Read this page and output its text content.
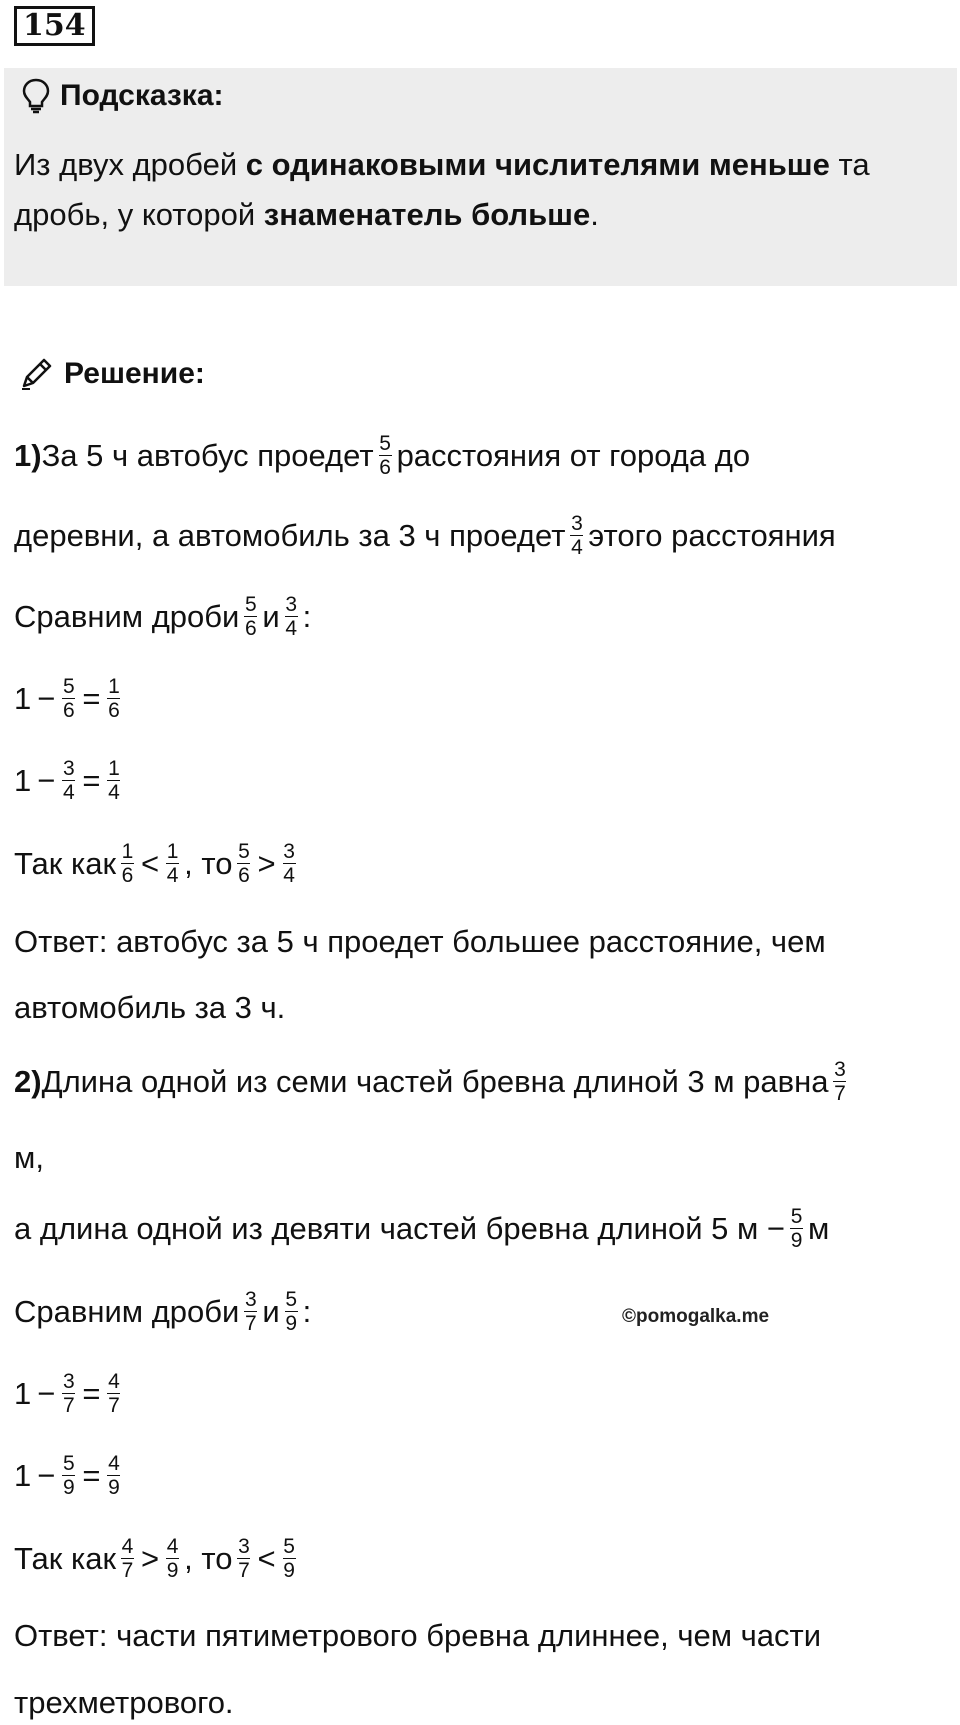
154
Подсказка:
Из двух дробей с одинаковыми числителями меньше та дробь, у которой знаменатель больше.
Решение:
1) За 5 ч автобус проедет $\frac{5}{6}$ расстояния от города до
деревни, а автомобиль за 3 ч проедет $\frac{3}{4}$ этого расстояния
Сравним дроби $\frac{5}{6}$ и $\frac{3}{4}$ :
$1 - \frac{5}{6} = \frac{1}{6}$
$1 - \frac{3}{4} = \frac{1}{4}$
Так как $\frac{1}{6} < \frac{1}{4}$ , то $\frac{5}{6} > \frac{3}{4}$
Ответ: автобус за 5 ч проедет большее расстояние, чем
автомобиль за 3 ч.
2) Длина одной из семи частей бревна длиной 3 м равна $\frac{3}{7}$
м,
а длина одной из девяти частей бревна длиной 5 $м - \frac{5}{9}$ м
Сравним дроби $\frac{3}{7}$ и $\frac{5}{9}$ :	©pomogalka.me
$1 - \frac{3}{7} = \frac{4}{7}$
$1 - \frac{5}{9} = \frac{4}{9}$
Так как $\frac{4}{7} > \frac{4}{9}$ , то $\frac{3}{7} < \frac{5}{9}$
Ответ: части пятиметрового бревна длиннее, чем части
трехметрового.
